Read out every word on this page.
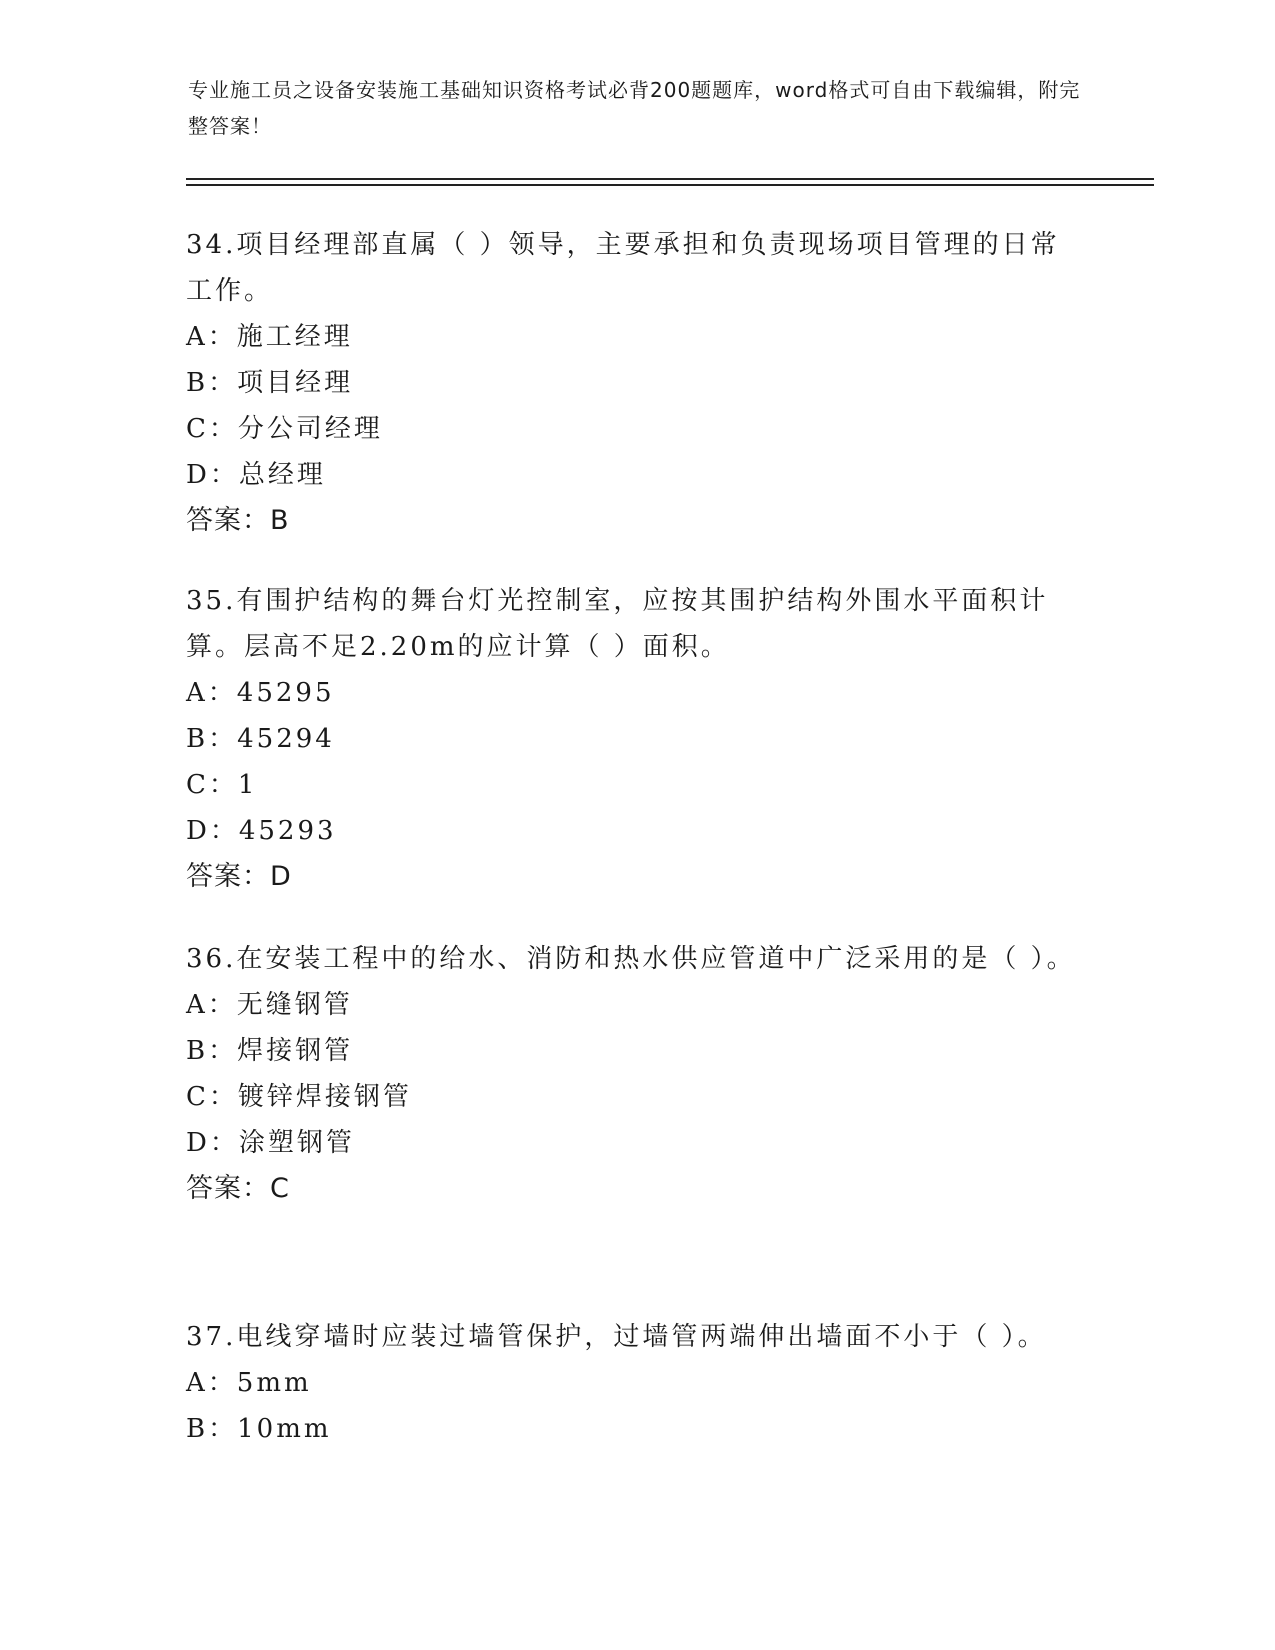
专业施工员之设备安装施工基础知识资格考试必背200题题库，word格式可自由下载编辑，附完整答案！
34.项目经理部直属（ ）领导，主要承担和负责现场项目管理的日常工作。
A：施工经理
B：项目经理
C：分公司经理
D：总经理
答案：B
35.有围护结构的舞台灯光控制室，应按其围护结构外围水平面积计算。层高不足2.20m的应计算（ ）面积。
A：45295
B：45294
C：1
D：45293
答案：D
36.在安装工程中的给水、消防和热水供应管道中广泛采用的是（ ）。
A：无缝钢管
B：焊接钢管
C：镀锌焊接钢管
D：涂塑钢管
答案：C
37.电线穿墙时应装过墙管保护，过墙管两端伸出墙面不小于（ ）。
A：5mm
B：10mm
